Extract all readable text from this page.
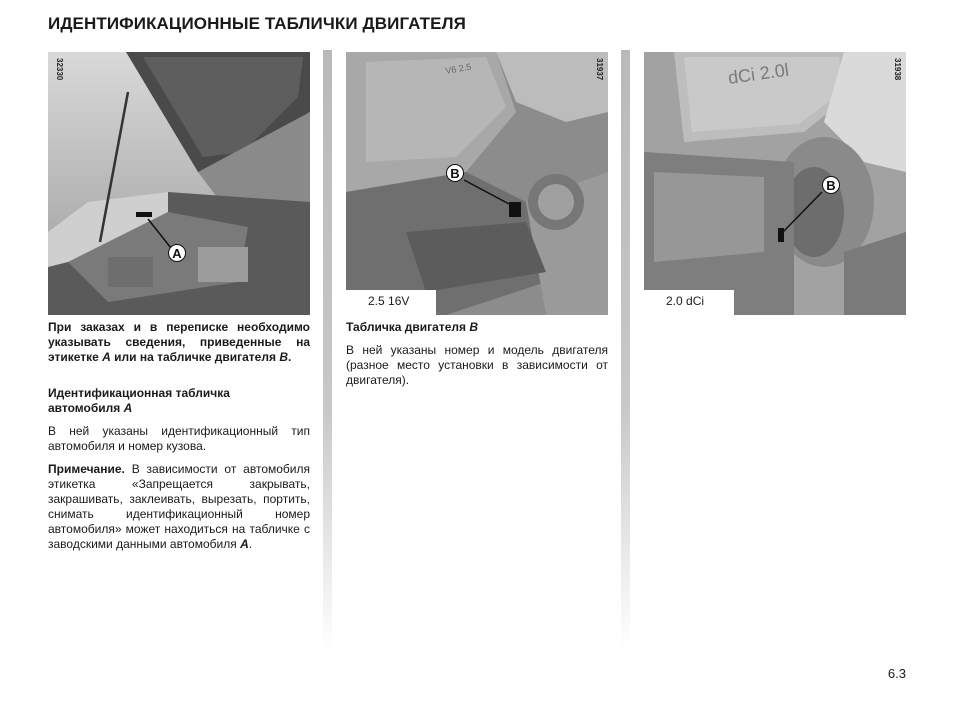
ИДЕНТИФИКАЦИОННЫЕ ТАБЛИЧКИ ДВИГАТЕЛЯ
32330
A
V6 2.5	31937
B
2.5 16V
dCi 2.0l	31938
B
2.0 dCi

При заказах и в переписке необходимо указывать сведения, приведенные на этикетке A или на табличке двигателя B.

Идентификационная табличка
автомобиля A

В ней указаны идентификационный тип автомобиля и номер кузова.

Примечание. В зависимости от автомобиля этикетка «Запрещается закрывать, закрашивать, заклеивать, вырезать, портить, снимать идентификационный номер автомобиля» может находиться на табличке с заводскими данными автомобиля A.

Табличка двигателя B

В ней указаны номер и модель двигателя (разное место установки в зависимости от двигателя).

6.3
